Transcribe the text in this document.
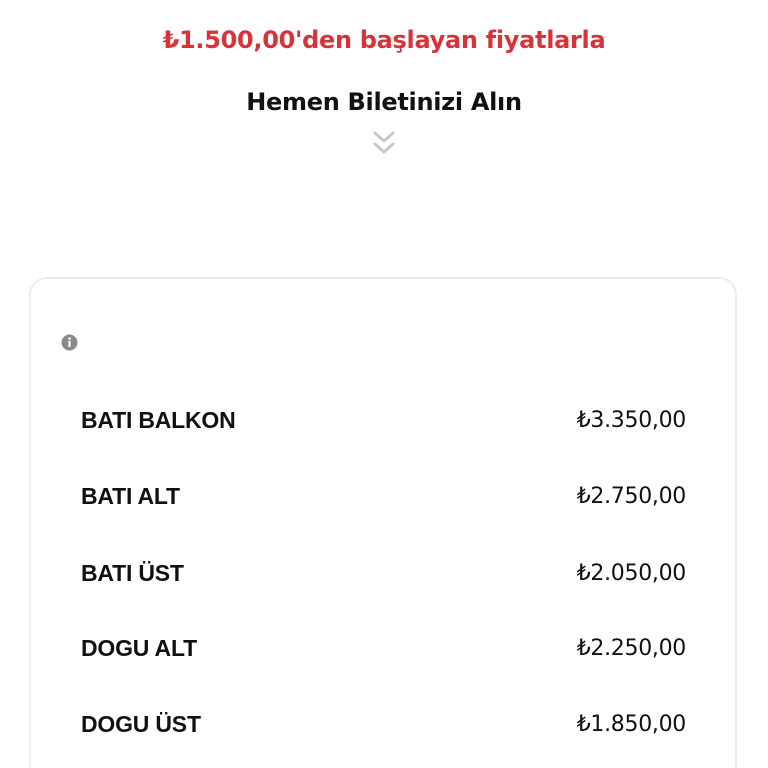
₺1.500,00'den başlayan fiyatlarla
Hemen Biletinizi Alın
BATI BALKON	₺3.350,00
BATI ALT	₺2.750,00
BATI ÜST	₺2.050,00
DOGU ALT	₺2.250,00
DOGU ÜST	₺1.850,00
